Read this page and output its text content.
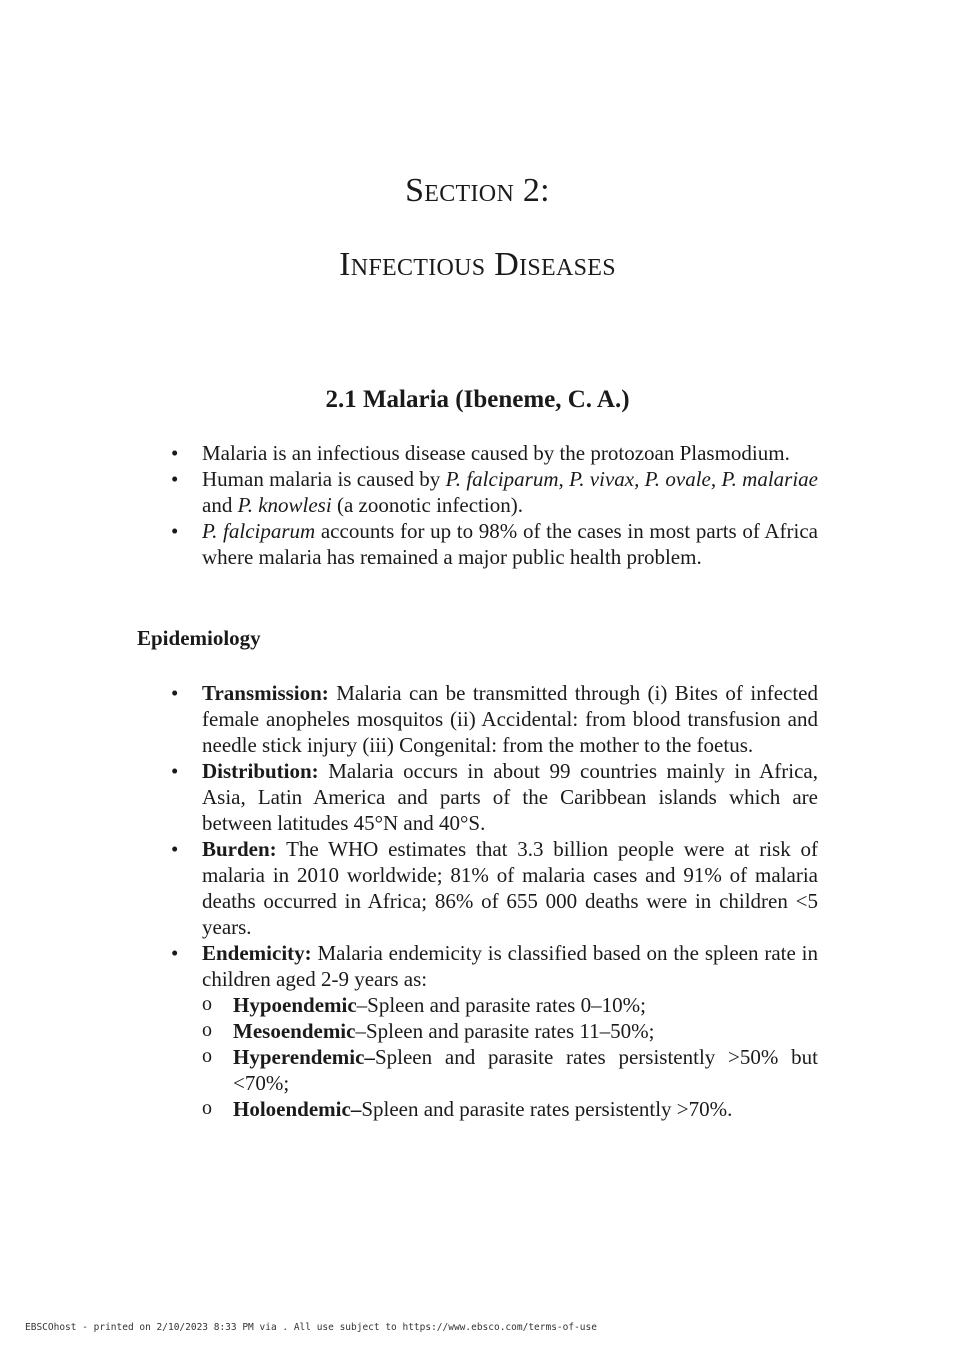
Section 2:
Infectious Diseases
2.1 Malaria (Ibeneme, C. A.)

• Malaria is an infectious disease caused by the protozoan Plasmodium.

• Human malaria is caused by P. falciparum, P. vivax, P. ovale, P. malariae and P. knowlesi (a zoonotic infection).

• P. falciparum accounts for up to 98% of the cases in most parts of Africa where malaria has remained a major public health problem.

Epidemiology

• Transmission: Malaria can be transmitted through (i) Bites of infected female anopheles mosquitos (ii) Accidental: from blood transfusion and needle stick injury (iii) Congenital: from the mother to the foetus.

• Distribution: Malaria occurs in about 99 countries mainly in Africa, Asia, Latin America and parts of the Caribbean islands which are between latitudes 45°N and 40°S.

• Burden: The WHO estimates that 3.3 billion people were at risk of malaria in 2010 worldwide; 81% of malaria cases and 91% of malaria deaths occurred in Africa; 86% of 655 000 deaths were in children <5 years.

• Endemicity: Malaria endemicity is classified based on the spleen rate in children aged 2-9 years as:

o Hypoendemic–Spleen and parasite rates 0–10%;

o Mesoendemic–Spleen and parasite rates 11–50%;

o Hyperendemic–Spleen and parasite rates persistently >50% but <70%;

o Holoendemic–Spleen and parasite rates persistently >70%.

EBSCOhost - printed on 2/10/2023 8:33 PM via . All use subject to https://www.ebsco.com/terms-of-use
